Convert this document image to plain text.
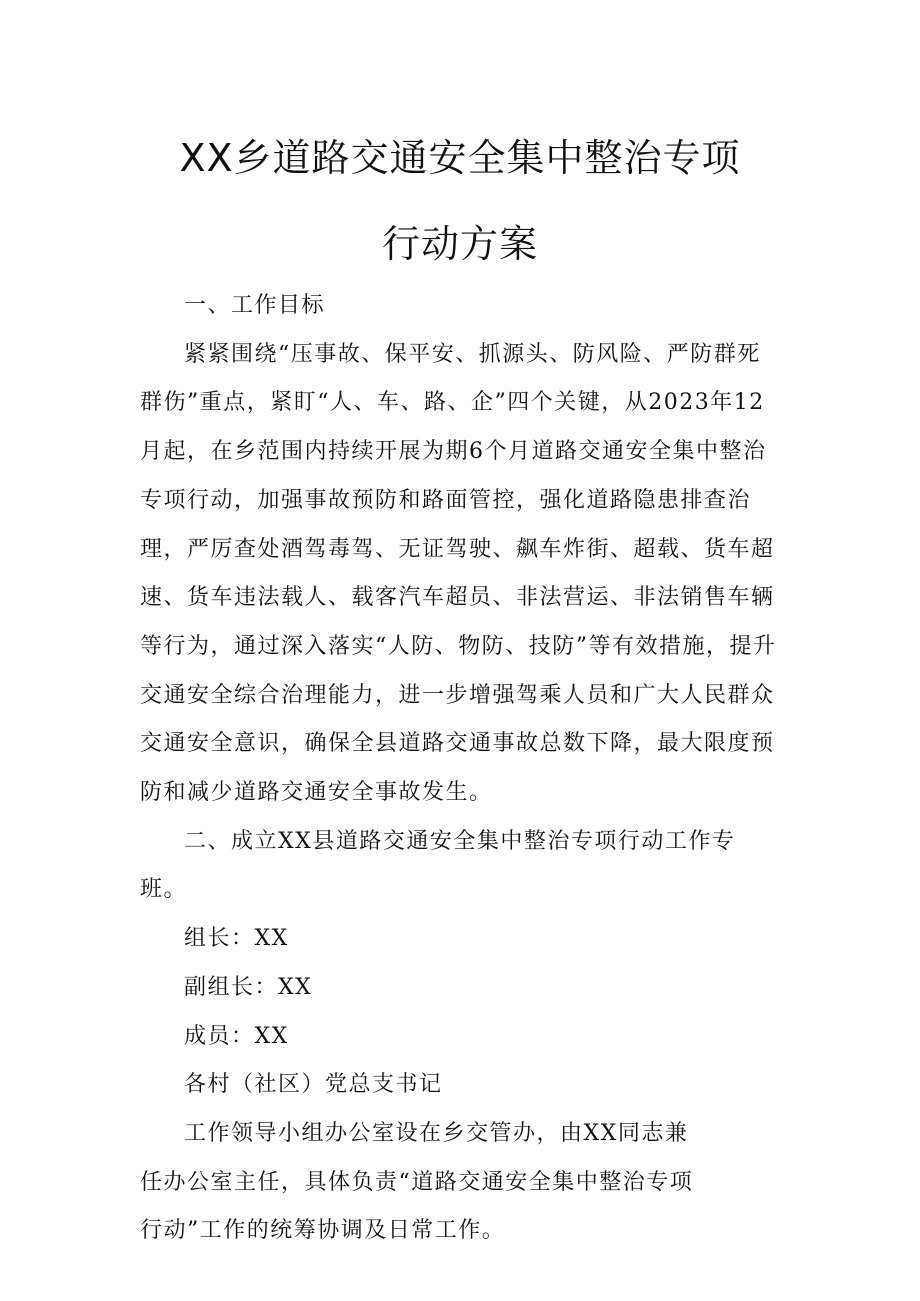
XX乡道路交通安全集中整治专项
行动方案

一、工作目标

紧紧围绕“压事故、保平安、抓源头、防风险、严防群死群伤”重点，紧盯“人、车、路、企”四个关键，从2023年12月起，在乡范围内持续开展为期6个月道路交通安全集中整治专项行动，加强事故预防和路面管控，强化道路隐患排查治理，严厉查处酒驾毒驾、无证驾驶、飙车炸街、超载、货车超速、货车违法载人、载客汽车超员、非法营运、非法销售车辆等行为，通过深入落实“人防、物防、技防”等有效措施，提升交通安全综合治理能力，进一步增强驾乘人员和广大人民群众交通安全意识，确保全县道路交通事故总数下降，最大限度预防和减少道路交通安全事故发生。

二、成立XX县道路交通安全集中整治专项行动工作专班。

组长：XX

副组长：XX

成员：XX

各村（社区）党总支书记

工作领导小组办公室设在乡交管办，由XX同志兼任办公室主任，具体负责“道路交通安全集中整治专项行动”工作的统筹协调及日常工作。
